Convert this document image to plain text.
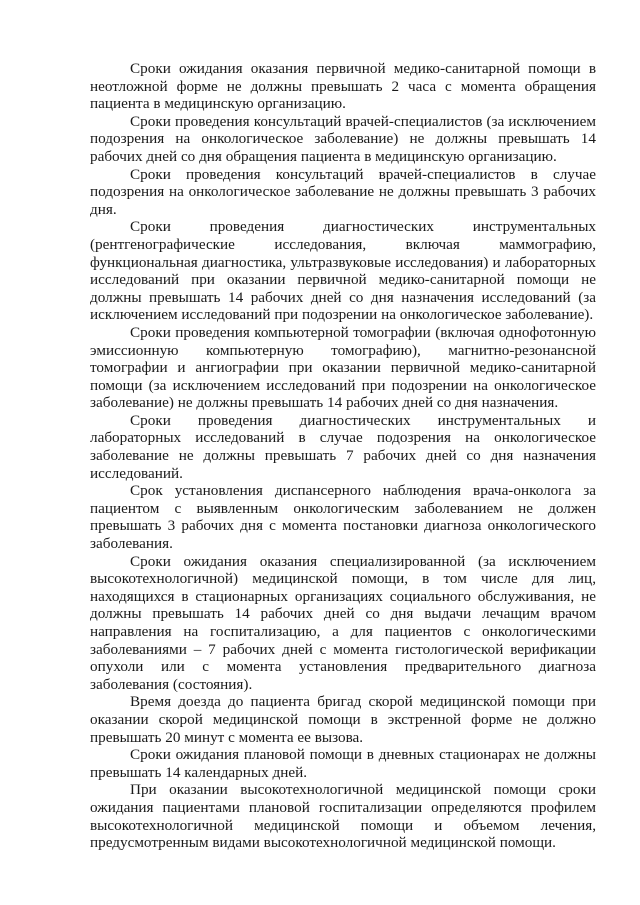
Сроки ожидания оказания первичной медико-санитарной помощи в неотложной форме не должны превышать 2 часа с момента обращения пациента в медицинскую организацию.

Сроки проведения консультаций врачей-специалистов (за исключением подозрения на онкологическое заболевание) не должны превышать 14 рабочих дней со дня обращения пациента в медицинскую организацию.

Сроки проведения консультаций врачей-специалистов в случае подозрения на онкологическое заболевание не должны превышать 3 рабочих дня.

Сроки проведения диагностических инструментальных (рентгенографические исследования, включая маммографию, функциональная диагностика, ультразвуковые исследования) и лабораторных исследований при оказании первичной медико-санитарной помощи не должны превышать 14 рабочих дней со дня назначения исследований (за исключением исследований при подозрении на онкологическое заболевание).

Сроки проведения компьютерной томографии (включая однофотонную эмиссионную компьютерную томографию), магнитно-резонансной томографии и ангиографии при оказании первичной медико-санитарной помощи (за исключением исследований при подозрении на онкологическое заболевание) не должны превышать 14 рабочих дней со дня назначения.

Сроки проведения диагностических инструментальных и лабораторных исследований в случае подозрения на онкологическое заболевание не должны превышать 7 рабочих дней со дня назначения исследований.

Срок установления диспансерного наблюдения врача-онколога за пациентом с выявленным онкологическим заболеванием не должен превышать 3 рабочих дня с момента постановки диагноза онкологического заболевания.

Сроки ожидания оказания специализированной (за исключением высокотехнологичной) медицинской помощи, в том числе для лиц, находящихся в стационарных организациях социального обслуживания, не должны превышать 14 рабочих дней со дня выдачи лечащим врачом направления на госпитализацию, а для пациентов с онкологическими заболеваниями – 7 рабочих дней с момента гистологической верификации опухоли или с момента установления предварительного диагноза заболевания (состояния).

Время доезда до пациента бригад скорой медицинской помощи при оказании скорой медицинской помощи в экстренной форме не должно превышать 20 минут с момента ее вызова.

Сроки ожидания плановой помощи в дневных стационарах не должны превышать 14 календарных дней.

При оказании высокотехнологичной медицинской помощи сроки ожидания пациентами плановой госпитализации определяются профилем высокотехнологичной медицинской помощи и объемом лечения, предусмотренным видами высокотехнологичной медицинской помощи.
